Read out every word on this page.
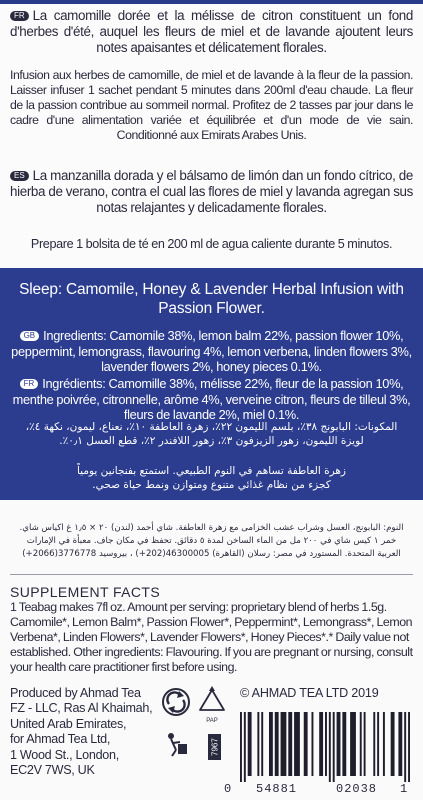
FR La camomille dorée et la mélisse de citron constituent un fond d'herbes d'été, auquel les fleurs de miel et de lavande ajoutent leurs notes apaisantes et délicatement florales.
Infusion aux herbes de camomille, de miel et de lavande à la fleur de la passion. Laisser infuser 1 sachet pendant 5 minutes dans 200ml d'eau chaude. La fleur de la passion contribue au sommeil normal. Profitez de 2 tasses par jour dans le cadre d'une alimentation variée et équilibrée et d'un mode de vie sain. Conditionné aux Emirats Arabes Unis.
ES La manzanilla dorada y el bálsamo de limón dan un fondo cítrico, de hierba de verano, contra el cual las flores de miel y lavanda agregan sus notas relajantes y delicadamente florales.
Prepare 1 bolsita de té en 200 ml de agua caliente durante 5 minutos.
Sleep: Camomile, Honey & Lavender Herbal Infusion with Passion Flower.
GB Ingredients: Camomile 38%, lemon balm 22%, passion flower 10%, peppermint, lemongrass, flavouring 4%, lemon verbena, linden flowers 3%, lavender flowers 2%, honey pieces 0.1%.
FR Ingrédients: Camomille 38%, mélisse 22%, fleur de la passion 10%, menthe poivrée, citronnelle, arôme 4%, verveine citron, fleurs de tilleul 3%, fleurs de lavande 2%, miel 0.1%.
المكونات: البابونج ٣٨٪، بلسم الليمون ٢٢٪، زهرة العاطفة ١٠٪، نعناع، ليمون، نكهة ٤٪، لويزة الليمون، زهور الزيزفون ٣٪، زهور اللافندر ٢٪، قطع العسل ٠٫١٪.
زهرة العاطفة تساهم في النوم الطبيعي. استمتع بفنجانين يومياً كجزء من نظام غذائي متنوع ومتوازن ونمط حياة صحي.
النوم: البابونج، العسل وشراب عشب الخزامى مع زهرة العاطفة. شاي أحمد (لندن) ٢٠ × ١٫٥ غ اكياس شاي. خمر ١ كيس شاي في ٢٠٠ مل من الماء الساخن لمدة ٥ دقائق. تحفظ في مكان جاف. معبأة في الإمارات العربية المتحدة. المستورد في مصر: رسلان (القاهرة) ‎(+202)46300005‎ ، بيروسيد ‎(+2066)3776778‎
SUPPLEMENT FACTS
1 Teabag makes 7fl oz. Amount per serving: proprietary blend of herbs 1.5g. Camomile*, Lemon Balm*, Passion Flower*, Peppermint*, Lemongrass*, Lemon Verbena*, Linden Flowers*, Lavender Flowers*, Honey Pieces*.* Daily value not established. Other ingredients: Flavouring. If you are pregnant or nursing, consult your health care practitioner first before using.
Produced by Ahmad Tea
FZ - LLC, Ras Al Khaimah,
United Arab Emirates,
for Ahmad Tea Ltd,
1 Wood St., London,
EC2V 7WS, UK
PAP
7967
© AHMAD TEA LTD 2019
0 54881	02038 1
